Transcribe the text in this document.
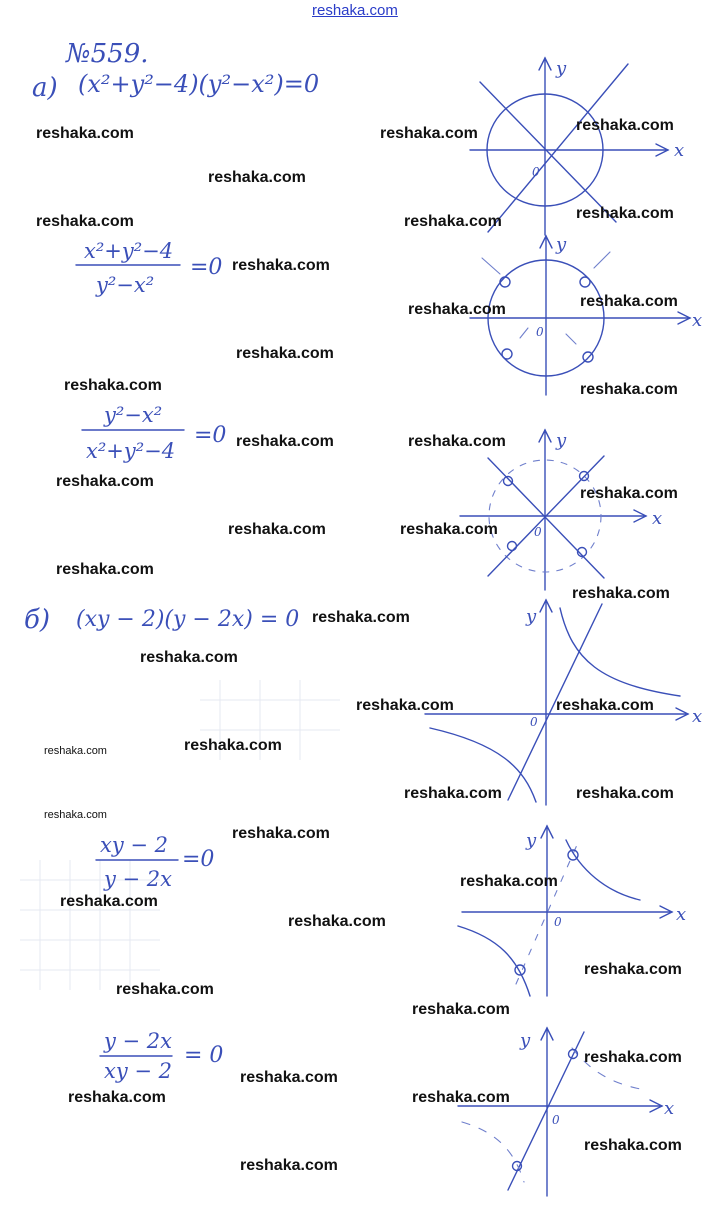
№559.
а) (x²+y²−4)(y²−x²)=0
x²+y²−4
y²−x²
=0
y²−x²
x²+y²−4
=0
x
y
0
x
y
0
x
y
0
б) (xy − 2)(y − 2x) = 0
xy − 2
y − 2x
=0
y − 2x
xy − 2
= 0
x
y
0
x
y
0
x
y
0
reshaka.com
reshaka.com	reshaka.com	reshaka.com
reshaka.com
reshaka.com	reshaka.com	reshaka.com
reshaka.com
reshaka.com	reshaka.com
reshaka.com
reshaka.com	reshaka.com
reshaka.com	reshaka.com
reshaka.com
reshaka.com
reshaka.com	reshaka.com
reshaka.com
reshaka.com
reshaka.com
reshaka.com
reshaka.com	reshaka.com
reshaka.com	reshaka.com
reshaka.com	reshaka.com
reshaka.com
reshaka.com
reshaka.com
reshaka.com
reshaka.com
reshaka.com
reshaka.com
reshaka.com
reshaka.com
reshaka.com
reshaka.com	reshaka.com
reshaka.com
reshaka.com
